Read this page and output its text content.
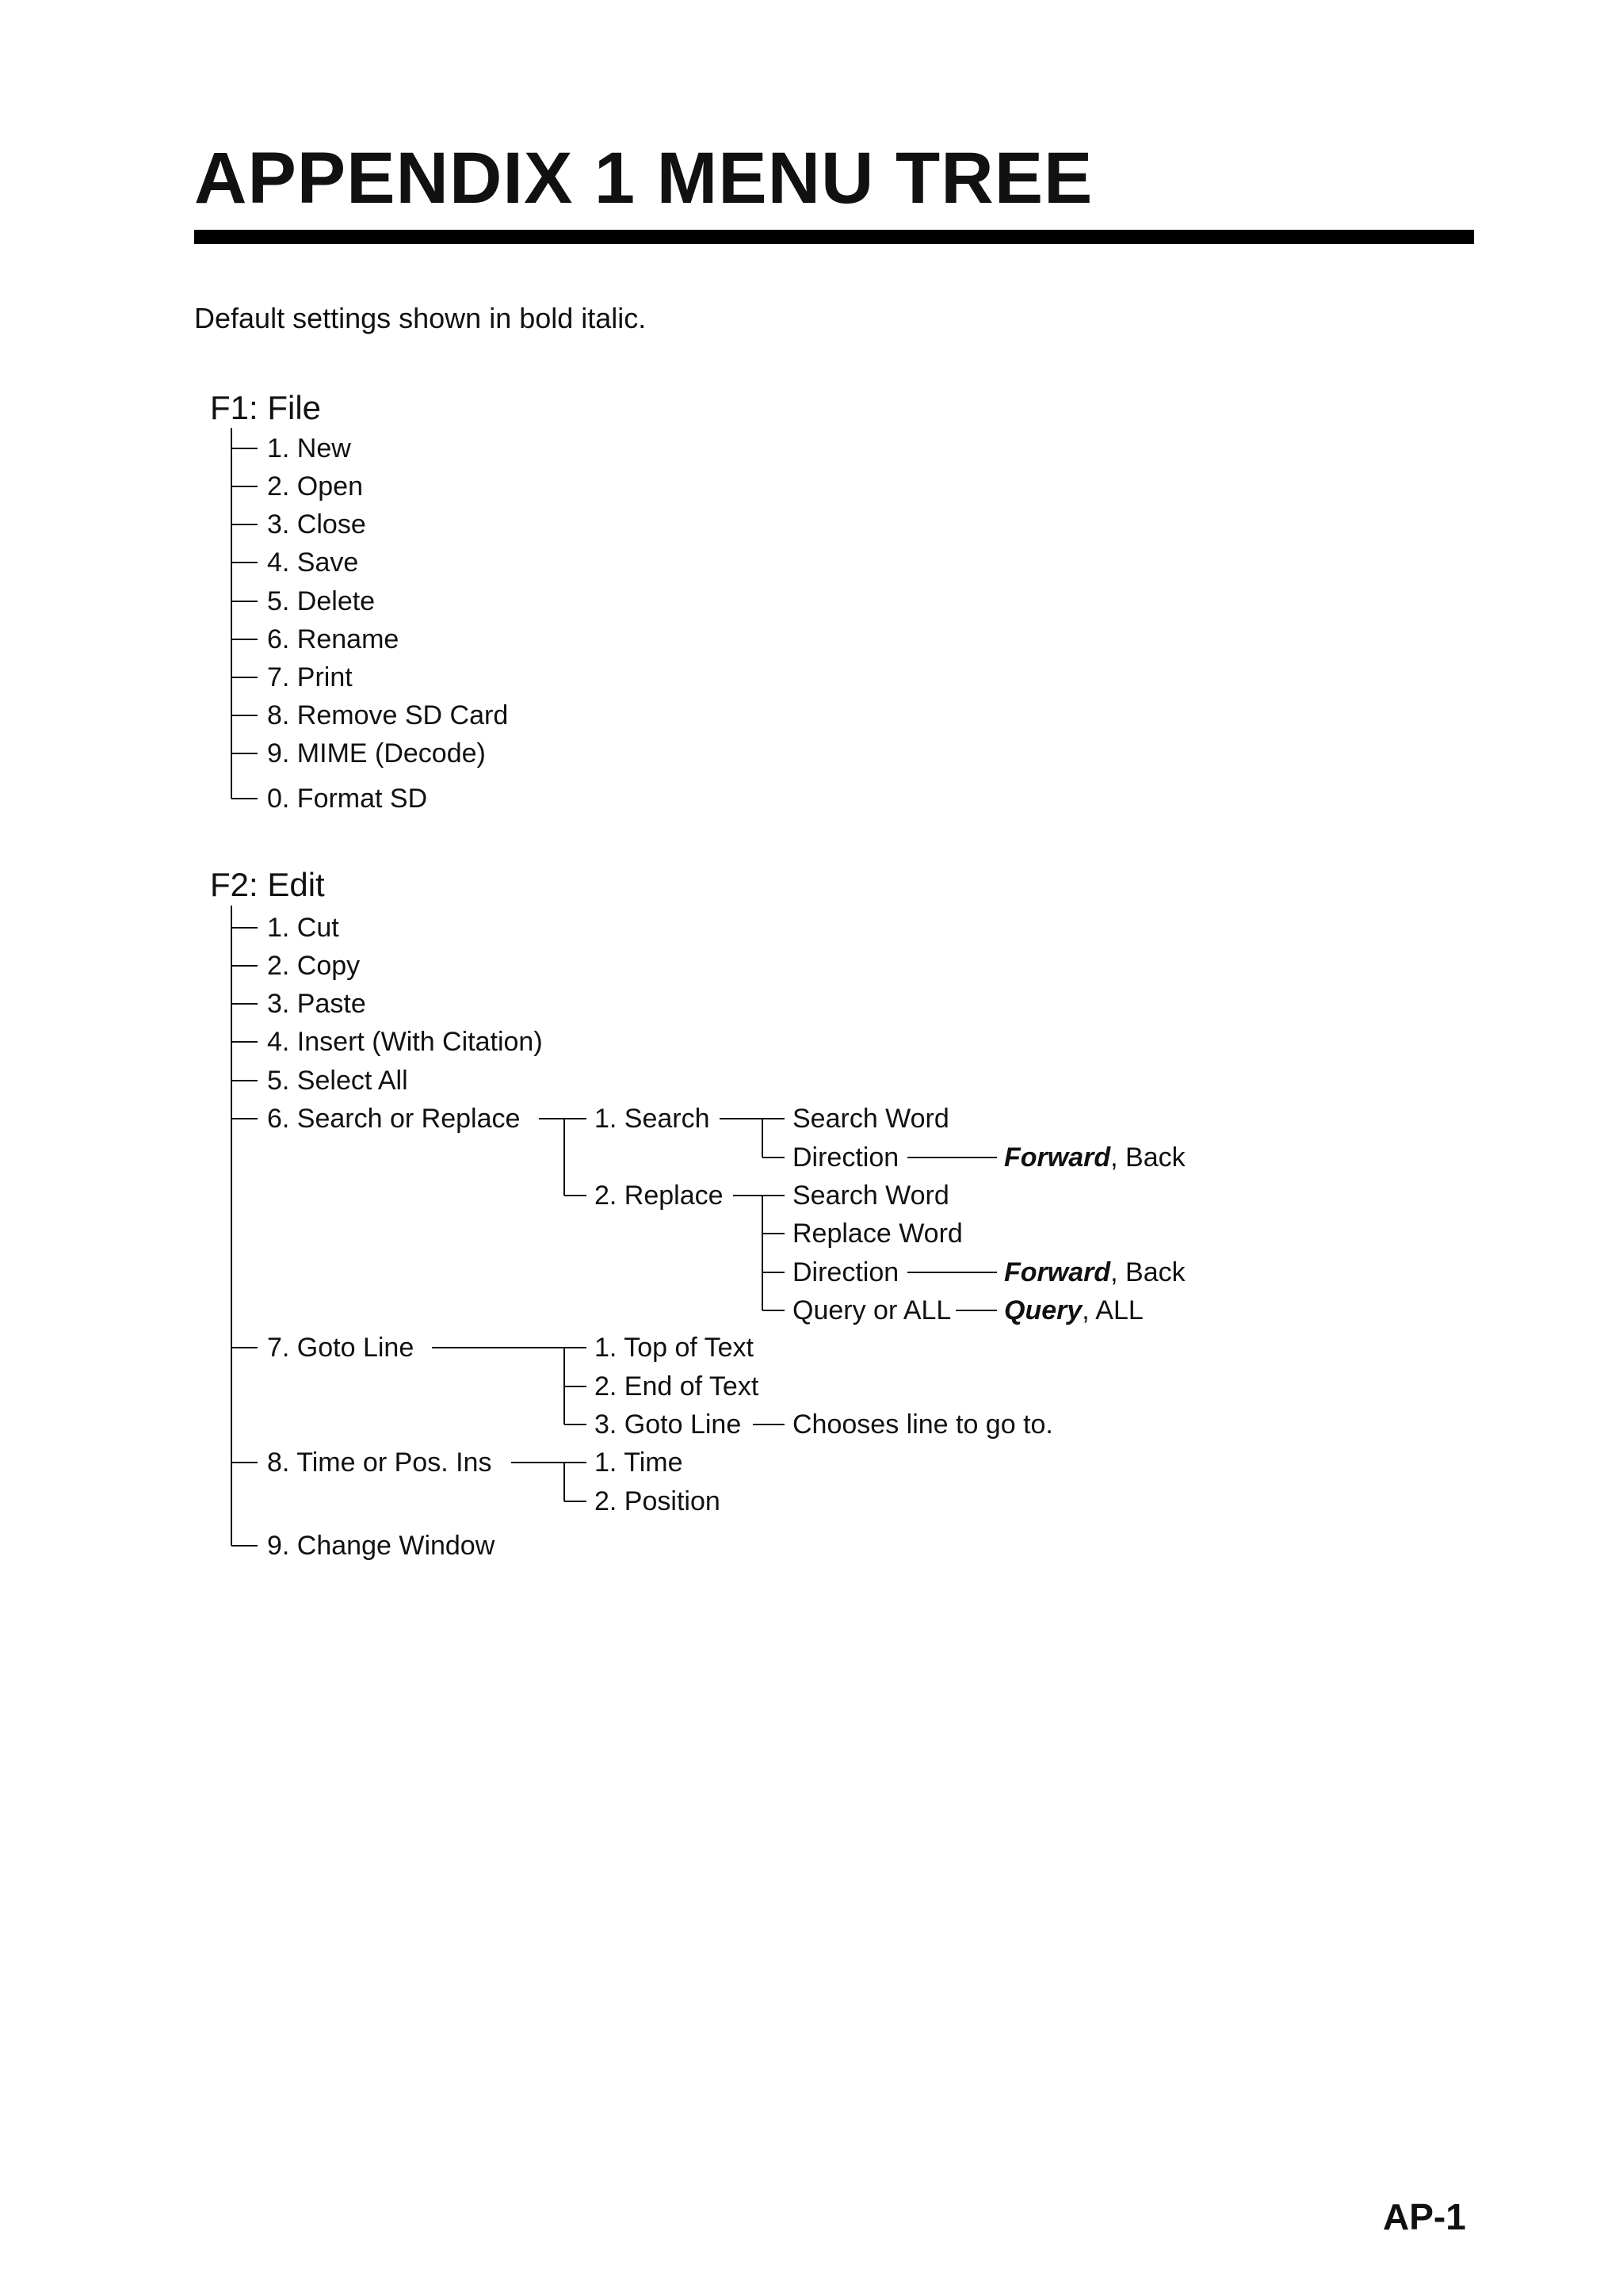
APPENDIX 1 MENU TREE
Default settings shown in bold italic.
F1: File
1. New
2. Open
3. Close
4. Save
5. Delete
6. Rename
7. Print
8. Remove SD Card
9. MIME (Decode)
0. Format SD
F2: Edit
1. Cut
2. Copy
3. Paste
4. Insert (With Citation)
5. Select All
6. Search or Replace
7. Goto Line
8. Time or Pos. Ins
9. Change Window
1. Search	Search Word
Direction	Forward, Back
2. Replace	Search Word
Replace Word
Direction	Forward, Back
Query or ALL Query, ALL
1. Top of Text
2. End of Text
3. Goto Line Chooses line to go to.
1. Time
2. Position
AP-1
